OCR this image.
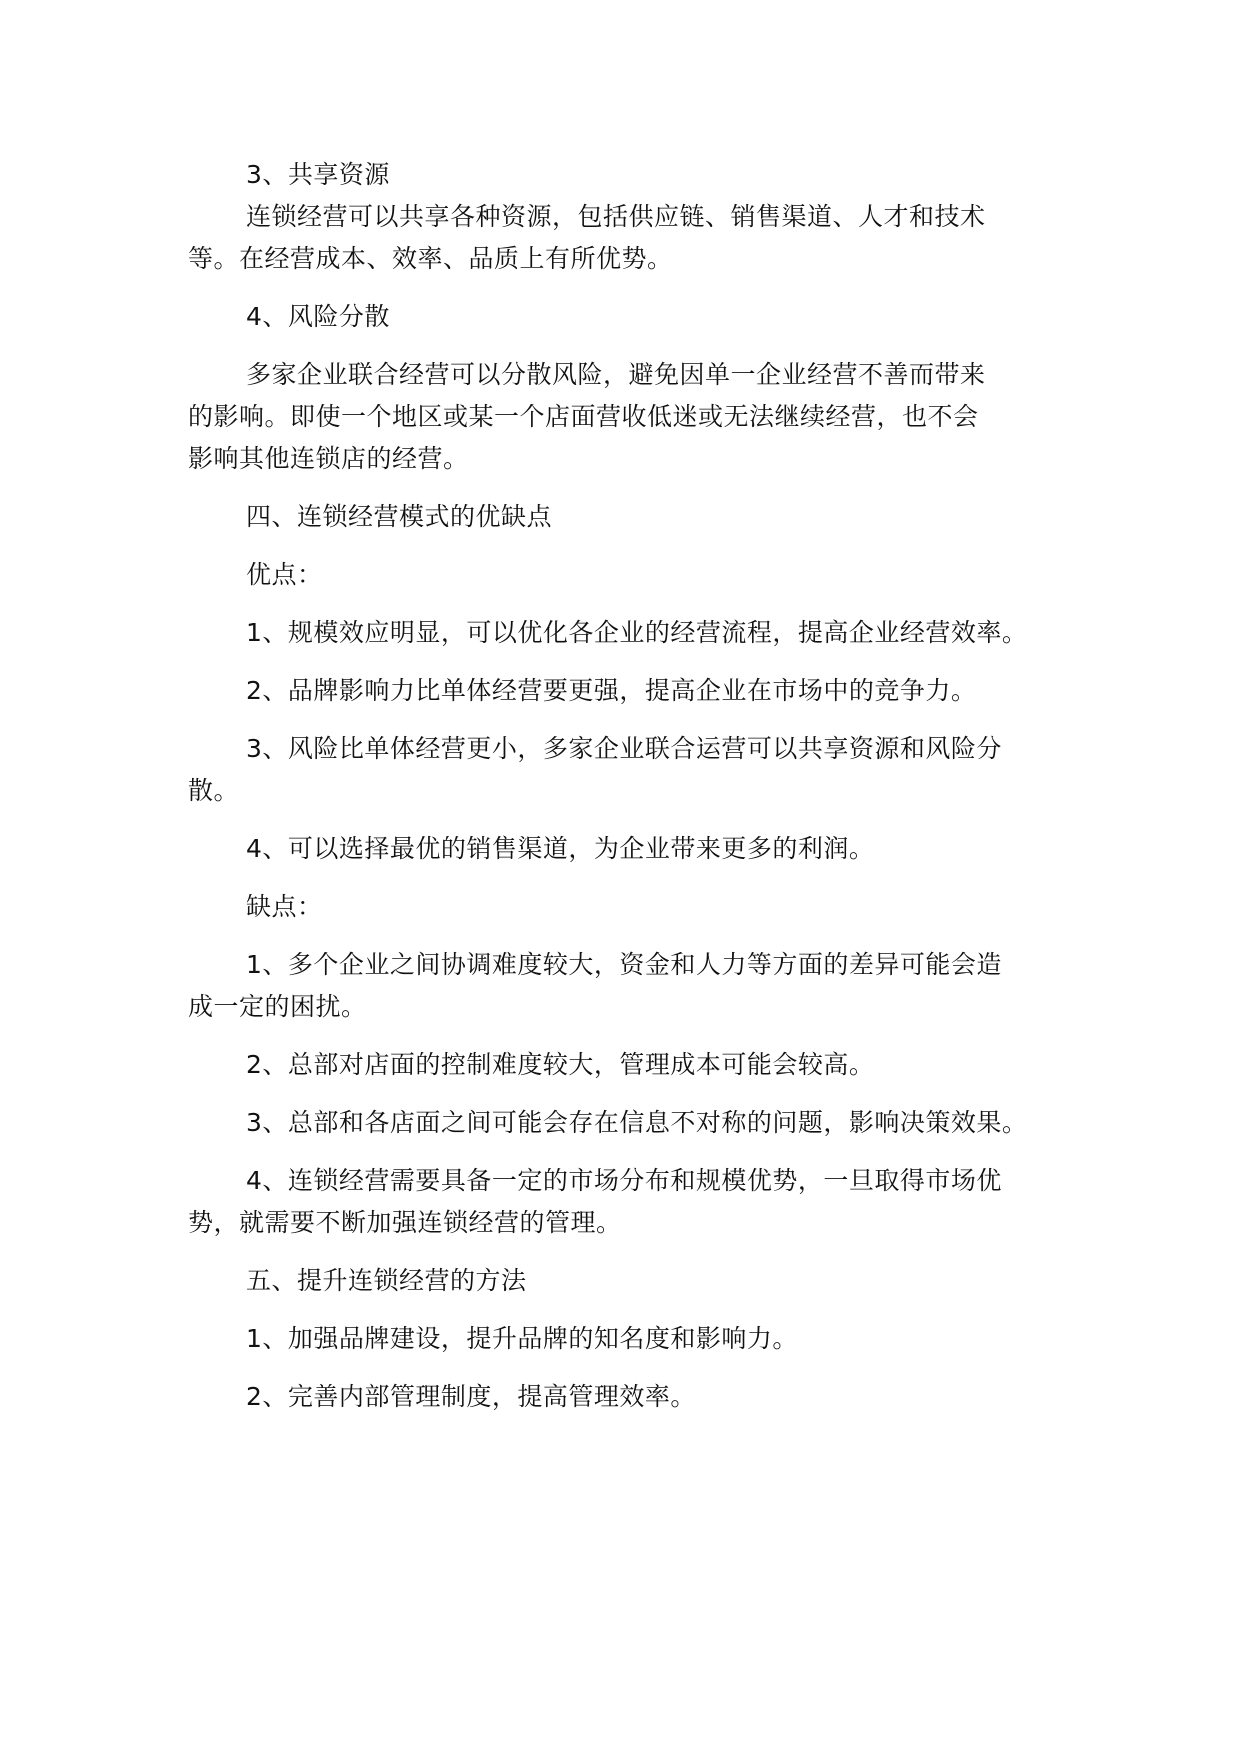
3、共享资源
连锁经营可以共享各种资源，包括供应链、销售渠道、人才和技术
等。在经营成本、效率、品质上有所优势。
4、风险分散
多家企业联合经营可以分散风险，避免因单一企业经营不善而带来
的影响。即使一个地区或某一个店面营收低迷或无法继续经营，也不会
影响其他连锁店的经营。
四、连锁经营模式的优缺点
优点：
1、规模效应明显，可以优化各企业的经营流程，提高企业经营效率。
2、品牌影响力比单体经营要更强，提高企业在市场中的竞争力。
3、风险比单体经营更小，多家企业联合运营可以共享资源和风险分
散。
4、可以选择最优的销售渠道，为企业带来更多的利润。
缺点：
1、多个企业之间协调难度较大，资金和人力等方面的差异可能会造
成一定的困扰。
2、总部对店面的控制难度较大，管理成本可能会较高。
3、总部和各店面之间可能会存在信息不对称的问题，影响决策效果。
4、连锁经营需要具备一定的市场分布和规模优势，一旦取得市场优
势，就需要不断加强连锁经营的管理。
五、提升连锁经营的方法
1、加强品牌建设，提升品牌的知名度和影响力。
2、完善内部管理制度，提高管理效率。
